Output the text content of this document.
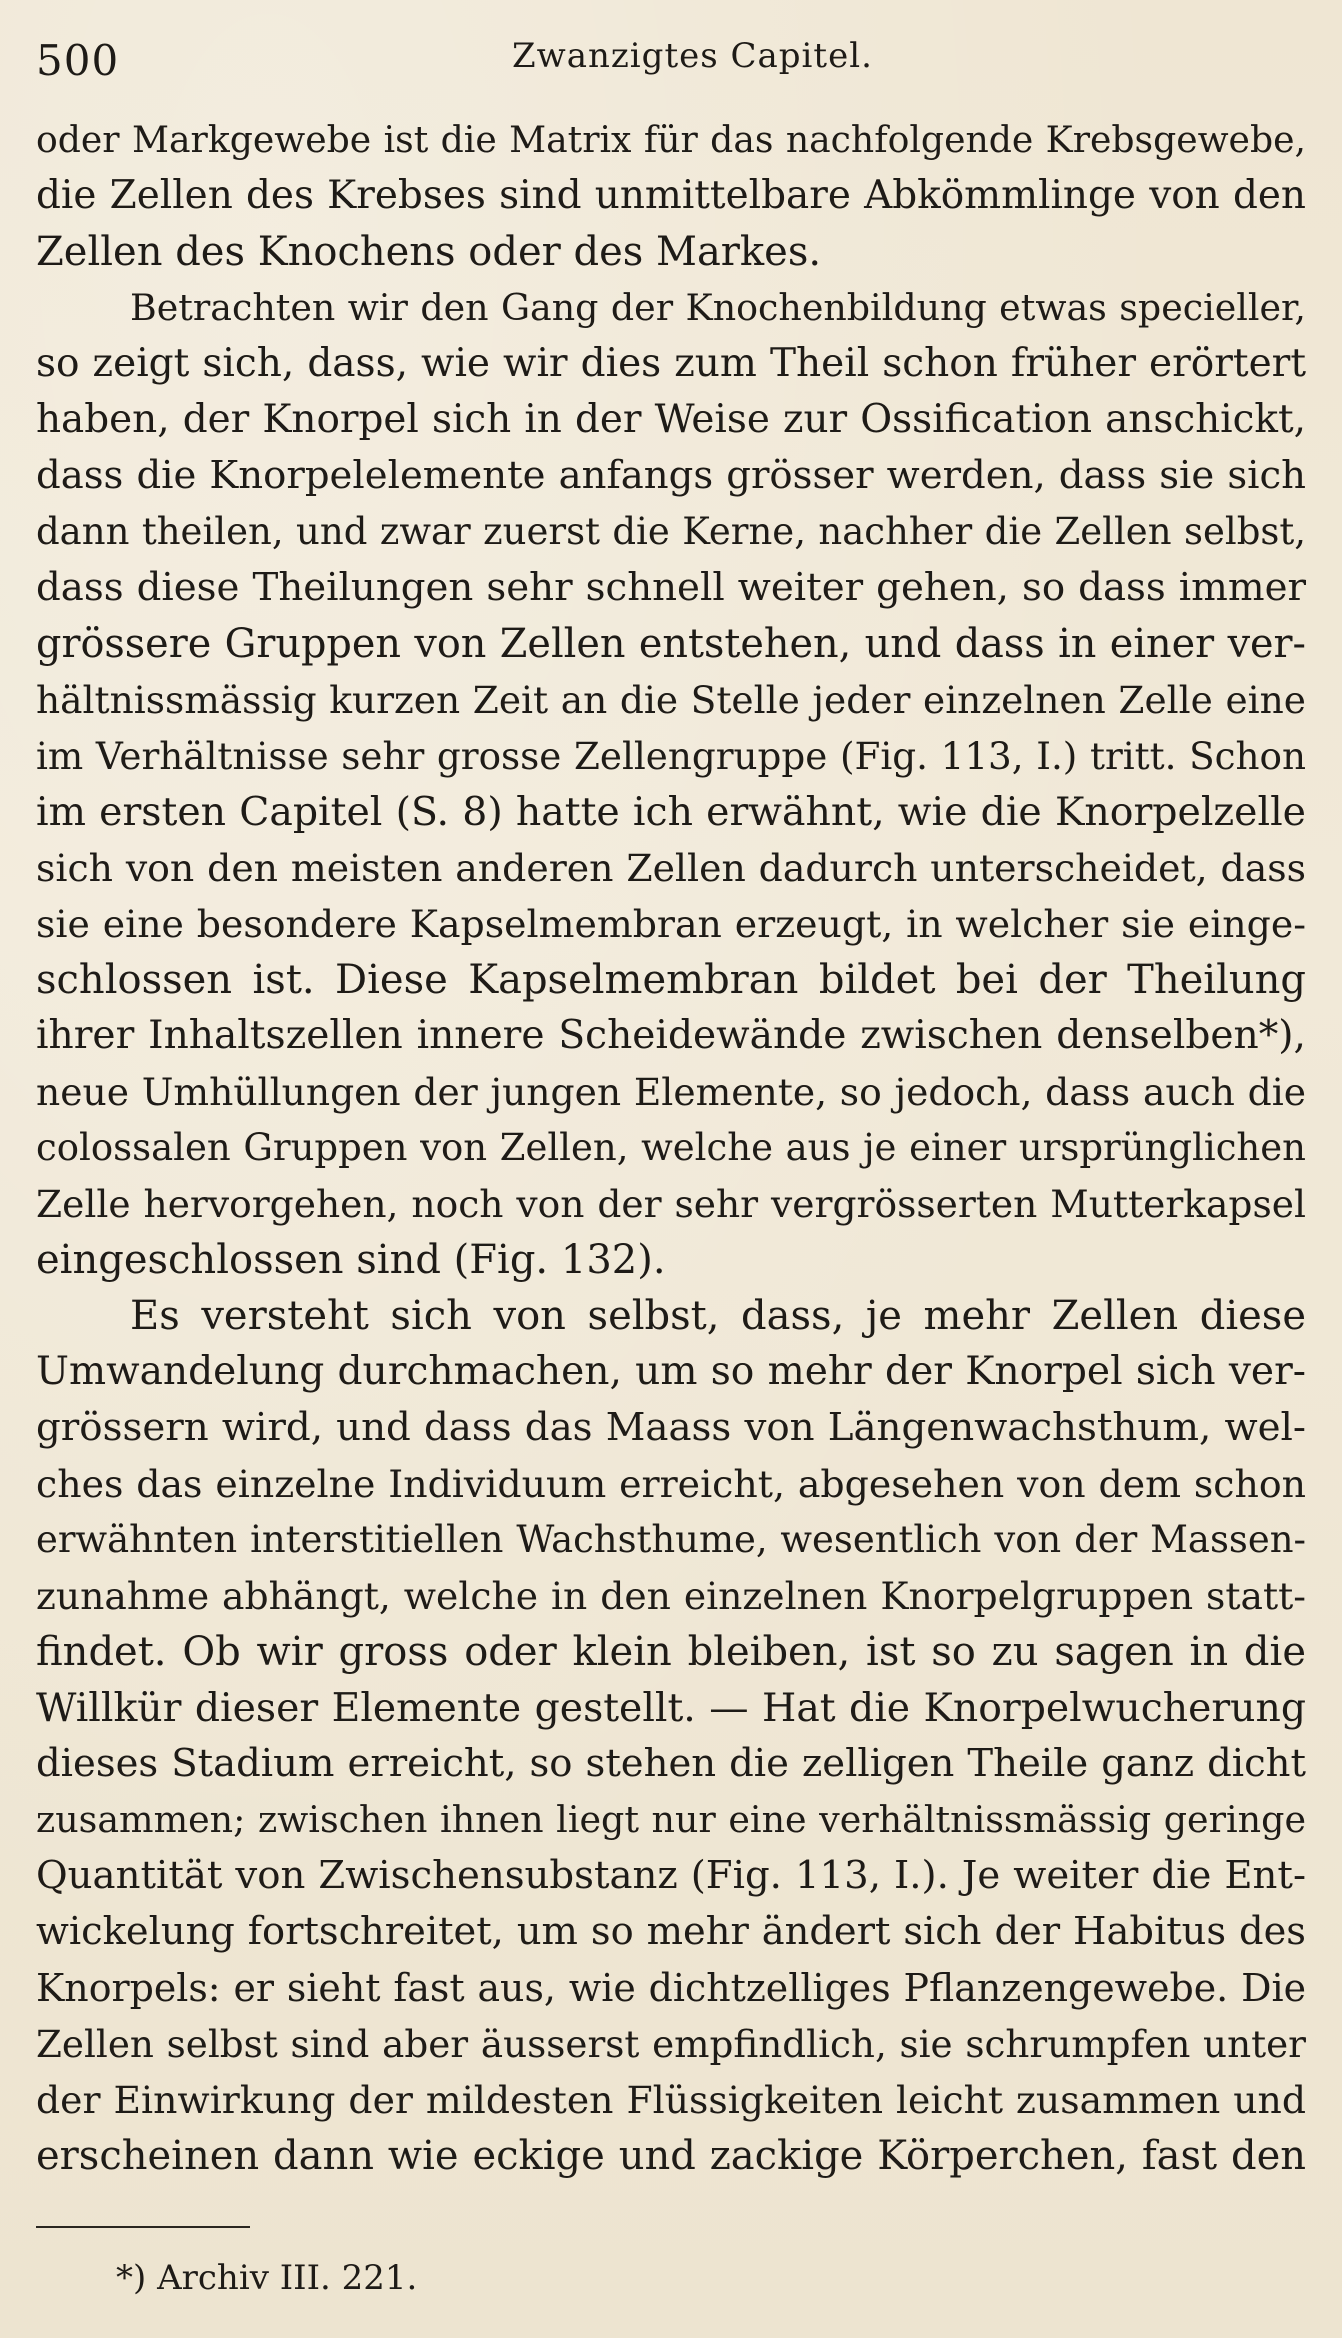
500	Zwanzigtes Capitel.
oder Markgewebe ist die Matrix für das nachfolgende Krebsgewebe,
die Zellen des Krebses sind unmittelbare Abkömmlinge von den
Zellen des Knochens oder des Markes.
Betrachten wir den Gang der Knochenbildung etwas specieller,
so zeigt sich, dass, wie wir dies zum Theil schon früher erörtert
haben, der Knorpel sich in der Weise zur Ossification anschickt,
dass die Knorpelelemente anfangs grösser werden, dass sie sich
dann theilen, und zwar zuerst die Kerne, nachher die Zellen selbst,
dass diese Theilungen sehr schnell weiter gehen, so dass immer
grössere Gruppen von Zellen entstehen, und dass in einer ver-
hältnissmässig kurzen Zeit an die Stelle jeder einzelnen Zelle eine
im Verhältnisse sehr grosse Zellengruppe (Fig. 113, I.) tritt. Schon
im ersten Capitel (S. 8) hatte ich erwähnt, wie die Knorpelzelle
sich von den meisten anderen Zellen dadurch unterscheidet, dass
sie eine besondere Kapselmembran erzeugt, in welcher sie einge-
schlossen ist. Diese Kapselmembran bildet bei der Theilung
ihrer Inhaltszellen innere Scheidewände zwischen denselben*),
neue Umhüllungen der jungen Elemente, so jedoch, dass auch die
colossalen Gruppen von Zellen, welche aus je einer ursprünglichen
Zelle hervorgehen, noch von der sehr vergrösserten Mutterkapsel
eingeschlossen sind (Fig. 132).
Es versteht sich von selbst, dass, je mehr Zellen diese
Umwandelung durchmachen, um so mehr der Knorpel sich ver-
grössern wird, und dass das Maass von Längenwachsthum, wel-
ches das einzelne Individuum erreicht, abgesehen von dem schon
erwähnten interstitiellen Wachsthume, wesentlich von der Massen-
zunahme abhängt, welche in den einzelnen Knorpelgruppen statt-
findet. Ob wir gross oder klein bleiben, ist so zu sagen in die
Willkür dieser Elemente gestellt. — Hat die Knorpelwucherung
dieses Stadium erreicht, so stehen die zelligen Theile ganz dicht
zusammen; zwischen ihnen liegt nur eine verhältnissmässig geringe
Quantität von Zwischensubstanz (Fig. 113, I.). Je weiter die Ent-
wickelung fortschreitet, um so mehr ändert sich der Habitus des
Knorpels: er sieht fast aus, wie dichtzelliges Pflanzengewebe. Die
Zellen selbst sind aber äusserst empfindlich, sie schrumpfen unter
der Einwirkung der mildesten Flüssigkeiten leicht zusammen und
erscheinen dann wie eckige und zackige Körperchen, fast den
*) Archiv III. 221.
